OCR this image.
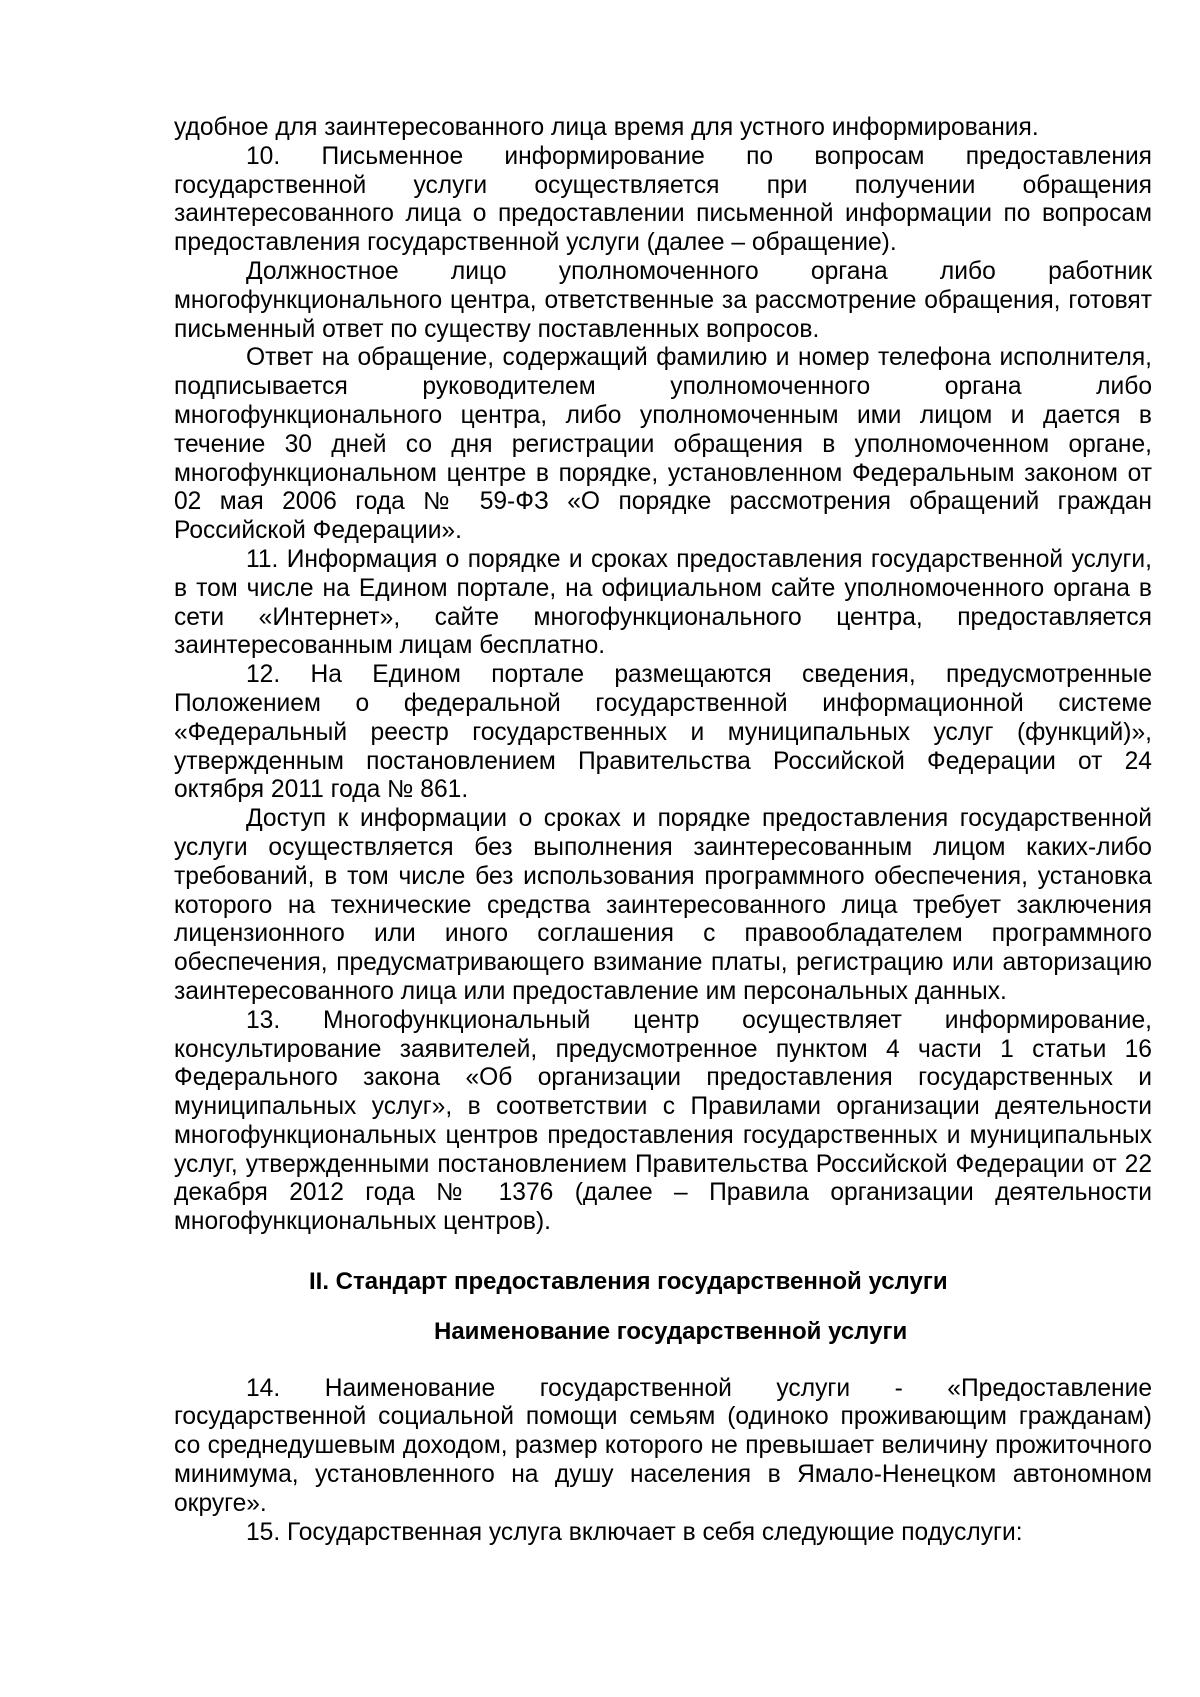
удобное для заинтересованного лица время для устного информирования.

10. Письменное информирование по вопросам предоставления государственной услуги осуществляется при получении обращения заинтересованного лица о предоставлении письменной информации по вопросам предоставления государственной услуги (далее – обращение).

Должностное лицо уполномоченного органа либо работник многофункционального центра, ответственные за рассмотрение обращения, готовят письменный ответ по существу поставленных вопросов.

Ответ на обращение, содержащий фамилию и номер телефона исполнителя, подписывается руководителем уполномоченного органа либо многофункционального центра, либо уполномоченным ими лицом и дается в течение 30 дней со дня регистрации обращения в уполномоченном органе, многофункциональном центре в порядке, установленном Федеральным законом от 02 мая 2006 года № 59-ФЗ «О порядке рассмотрения обращений граждан Российской Федерации».

11. Информация о порядке и сроках предоставления государственной услуги, в том числе на Едином портале, на официальном сайте уполномоченного органа в сети «Интернет», сайте многофункционального центра, предоставляется заинтересованным лицам бесплатно.

12. На Едином портале размещаются сведения, предусмотренные Положением о федеральной государственной информационной системе «Федеральный реестр государственных и муниципальных услуг (функций)», утвержденным постановлением Правительства Российской Федерации от 24 октября 2011 года № 861.

Доступ к информации о сроках и порядке предоставления государственной услуги осуществляется без выполнения заинтересованным лицом каких-либо требований, в том числе без использования программного обеспечения, установка которого на технические средства заинтересованного лица требует заключения лицензионного или иного соглашения с правообладателем программного обеспечения, предусматривающего взимание платы, регистрацию или авторизацию заинтересованного лица или предоставление им персональных данных.

13. Многофункциональный центр осуществляет информирование, консультирование заявителей, предусмотренное пунктом 4 части 1 статьи 16 Федерального закона «Об организации предоставления государственных и муниципальных услуг», в соответствии с Правилами организации деятельности многофункциональных центров предоставления государственных и муниципальных услуг, утвержденными постановлением Правительства Российской Федерации от 22 декабря 2012 года № 1376 (далее – Правила организации деятельности многофункциональных центров).

II. Стандарт предоставления государственной услуги

Наименование государственной услуги

14. Наименование государственной услуги - «Предоставление государственной социальной помощи семьям (одиноко проживающим гражданам) со среднедушевым доходом, размер которого не превышает величину прожиточного минимума, установленного на душу населения в Ямало-Ненецком автономном округе».

15. Государственная услуга включает в себя следующие подуслуги:
